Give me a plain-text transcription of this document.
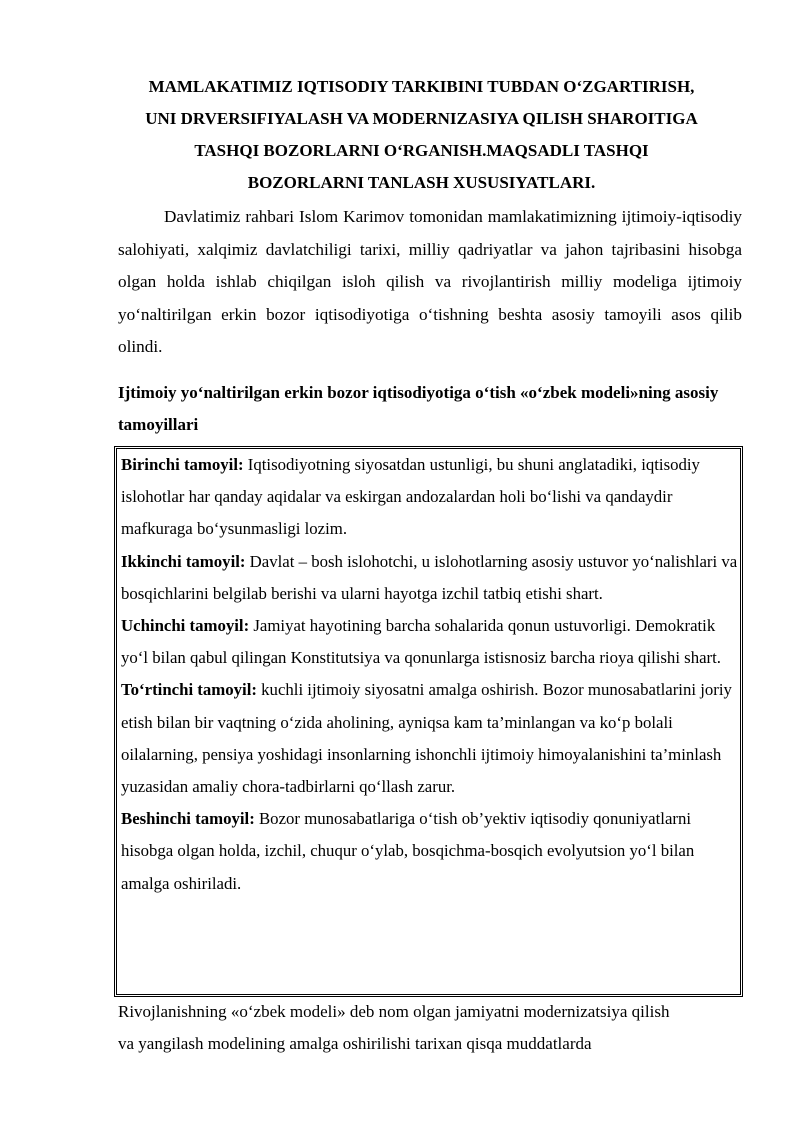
MAMLAKATIMIZ IQTISODIY TARKIBINI TUBDAN O‘ZGARTIRISH,
UNI DRVERSIFIYALASH VA MODERNIZASIYA QILISH SHAROITIGA
TASHQI BOZORLARNI O‘RGANISH.MAQSADLI TASHQI
BOZORLARNI TANLASH XUSUSIYATLARI.

Davlatimiz rahbari Islom Karimov tomonidan mamlakatimizning ijtimoiy-iqtisodiy salohiyati, xalqimiz davlatchiligi tarixi, milliy qadriyatlar va jahon tajribasini hisobga olgan holda ishlab chiqilgan isloh qilish va rivojlantirish milliy modeliga ijtimoiy yo‘naltirilgan erkin bozor iqtisodiyotiga o‘tishning beshta asosiy tamoyili asos qilib olindi.

Ijtimoiy yo‘naltirilgan erkin bozor iqtisodiyotiga o‘tish «o‘zbek modeli»ning asosiy tamoyillari

Birinchi tamoyil: Iqtisodiyotning siyosatdan ustunligi, bu shuni anglatadiki, iqtisodiy islohotlar har qanday aqidalar va eskirgan andozalardan holi bo‘lishi va qandaydir mafkuraga bo‘ysunmasligi lozim.

Ikkinchi tamoyil: Davlat – bosh islohotchi, u islohotlarning asosiy ustuvor yo‘nalishlari va bosqichlarini belgilab berishi va ularni hayotga izchil tatbiq etishi shart.

Uchinchi tamoyil: Jamiyat hayotining barcha sohalarida qonun ustuvorligi. Demokratik yo‘l bilan qabul qilingan Konstitutsiya va qonunlarga istisnosiz barcha rioya qilishi shart.

To‘rtinchi tamoyil: kuchli ijtimoiy siyosatni amalga oshirish. Bozor munosabatlarini joriy etish bilan bir vaqtning o‘zida aholining, ayniqsa kam ta’minlangan va ko‘p bolali oilalarning, pensiya yoshidagi insonlarning ishonchli ijtimoiy himoyalanishini ta’minlash yuzasidan amaliy chora-tadbirlarni qo‘llash zarur.

Beshinchi tamoyil: Bozor munosabatlariga o‘tish ob’yektiv iqtisodiy qonuniyatlarni hisobga olgan holda, izchil, chuqur o‘ylab, bosqichma-bosqich evolyutsion yo‘l bilan amalga oshiriladi.

Rivojlanishning «o‘zbek modeli» deb nom olgan jamiyatni modernizatsiya qilish
va yangilash modelining amalga oshirilishi tarixan qisqa muddatlarda
